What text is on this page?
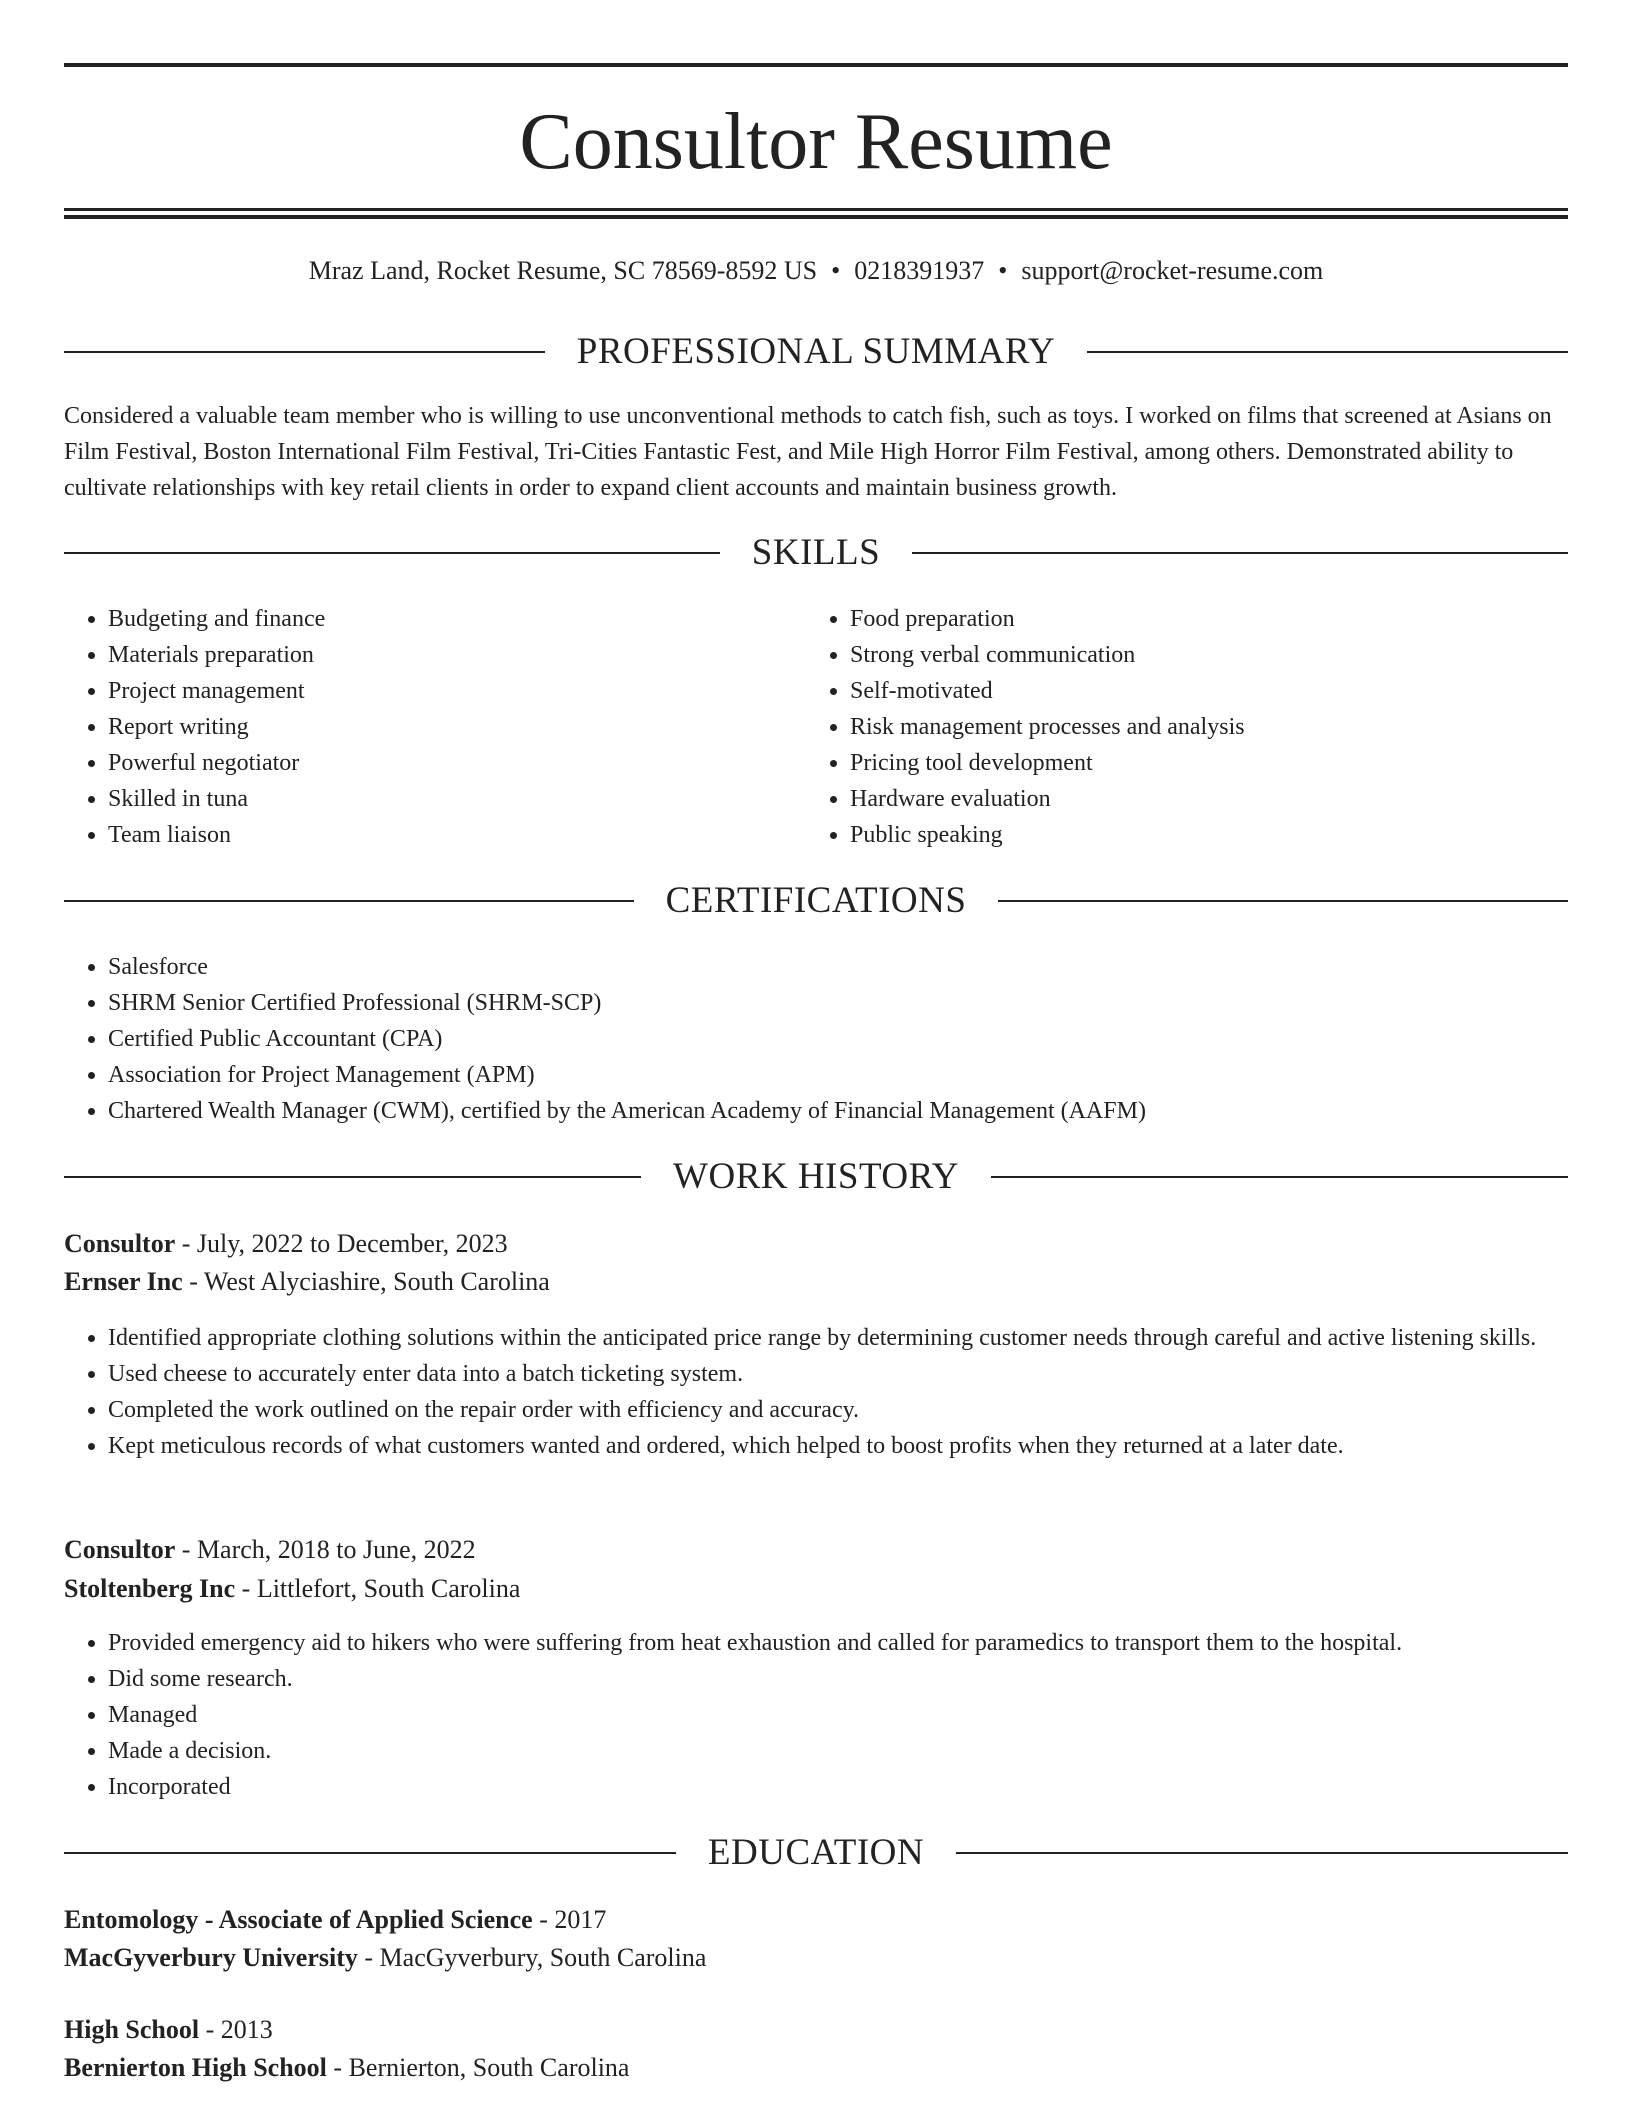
Consultor Resume
Mraz Land, Rocket Resume, SC 78569-8592 US • 0218391937 • support@rocket-resume.com
PROFESSIONAL SUMMARY

Considered a valuable team member who is willing to use unconventional methods to catch fish, such as toys. I worked on films that screened at Asians on Film Festival, Boston International Film Festival, Tri-Cities Fantastic Fest, and Mile High Horror Film Festival, among others. Demonstrated ability to cultivate relationships with key retail clients in order to expand client accounts and maintain business growth.

SKILLS
• Budgeting and finance
• Materials preparation
• Project management
• Report writing
• Powerful negotiator
• Skilled in tuna
• Team liaison
• Food preparation
• Strong verbal communication
• Self-motivated
• Risk management processes and analysis
• Pricing tool development
• Hardware evaluation
• Public speaking
CERTIFICATIONS
• Salesforce
• SHRM Senior Certified Professional (SHRM-SCP)
• Certified Public Accountant (CPA)
• Association for Project Management (APM)
• Chartered Wealth Manager (CWM), certified by the American Academy of Financial Management (AAFM)
WORK HISTORY

Consultor - July, 2022 to December, 2023

Ernser Inc - West Alyciashire, South Carolina

• Identified appropriate clothing solutions within the anticipated price range by determining customer needs through careful and active listening skills.
• Used cheese to accurately enter data into a batch ticketing system.
• Completed the work outlined on the repair order with efficiency and accuracy.
• Kept meticulous records of what customers wanted and ordered, which helped to boost profits when they returned at a later date.

Consultor - March, 2018 to June, 2022

Stoltenberg Inc - Littlefort, South Carolina

• Provided emergency aid to hikers who were suffering from heat exhaustion and called for paramedics to transport them to the hospital.
• Did some research.
• Managed
• Made a decision.
• Incorporated
EDUCATION

Entomology - Associate of Applied Science - 2017

MacGyverbury University - MacGyverbury, South Carolina

High School - 2013

Bernierton High School - Bernierton, South Carolina
